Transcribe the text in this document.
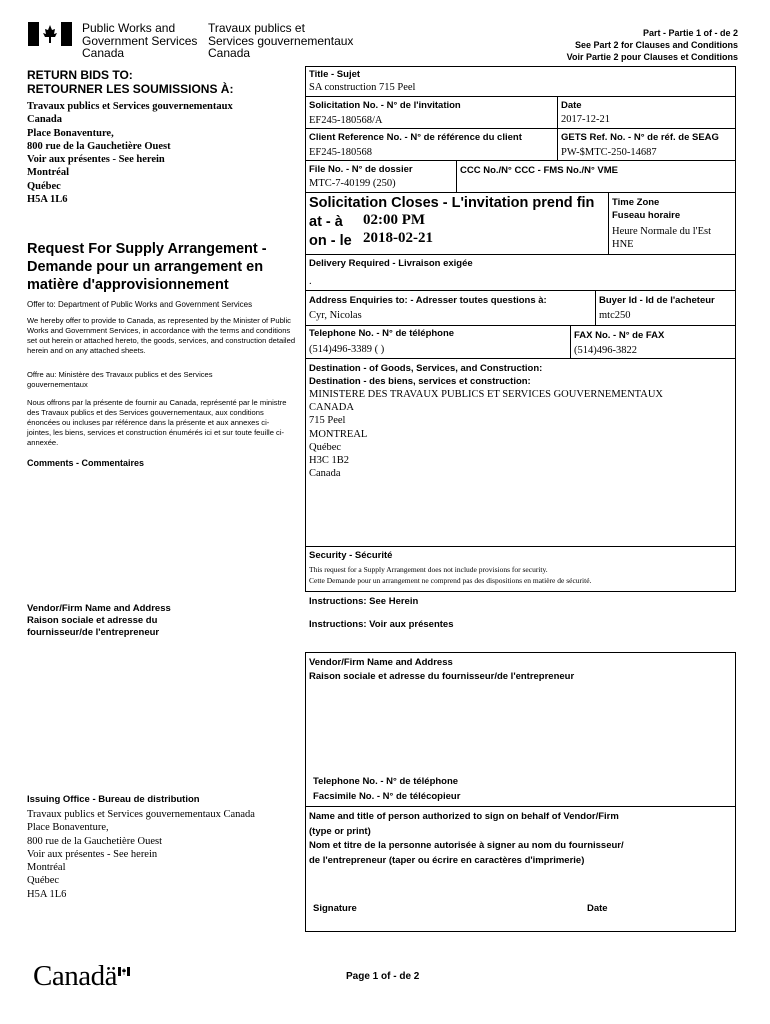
Public Works and
Government Services
Canada
Travaux publics et
Services gouvernementaux
Canada
Part - Partie 1 of - de 2
See Part 2 for Clauses and Conditions
Voir Partie 2 pour Clauses et Conditions
RETURN BIDS TO:
RETOURNER LES SOUMISSIONS À:
Travaux publics et Services gouvernementaux
Canada
Place Bonaventure,
800 rue de la Gauchetière Ouest
Voir aux présentes - See herein
Montréal
Québec
H5A 1L6
Request For Supply Arrangement -
Demande pour un arrangement en
matière d'approvisionnement
Offer to: Department of Public Works and Government Services
We hereby offer to provide to Canada, as represented by the Minister of Public Works and Government Services, in accordance with the terms and conditions set out herein or attached hereto, the goods, services, and construction detailed herein and on any attached sheets.
Offre au: Ministère des Travaux publics et des Services gouvernementaux
Nous offrons par la présente de fournir au Canada, représenté par le ministre des Travaux publics et des Services gouvernementaux, aux conditions énoncées ou incluses par référence dans la présente et aux annexes ci-jointes, les biens, services et construction énumérés ici et sur toute feuille ci-annexée.
Comments - Commentaires
Vendor/Firm Name and Address
Raison sociale et adresse du
fournisseur/de l'entrepreneur
Issuing Office - Bureau de distribution
Travaux publics et Services gouvernementaux Canada
Place Bonaventure,
800 rue de la Gauchetière Ouest
Voir aux présentes - See herein
Montréal
Québec
H5A 1L6
Title - Sujet
SA construction 715 Peel
Solicitation No. - N° de l'invitation
EF245-180568/A
Date
2017-12-21
Client Reference No. - N° de référence du client
EF245-180568
GETS Ref. No. - N° de réf. de SEAG
PW-$MTC-250-14687
File No. - N° de dossier
MTC-7-40199 (250)
CCC No./N° CCC - FMS No./N° VME
Solicitation Closes - L'invitation prend fin
at - à 02:00 PM
on - le 2018-02-21
Time Zone
Fuseau horaire
Heure Normale du l'Est
HNE
Delivery Required - Livraison exigée
.
Address Enquiries to: - Adresser toutes questions à:
Cyr, Nicolas
Buyer Id - Id de l'acheteur
mtc250
Telephone No. - N° de téléphone
(514)496-3389 ( )
FAX No. - N° de FAX
(514)496-3822
Destination - of Goods, Services, and Construction:
Destination - des biens, services et construction:
MINISTERE DES TRAVAUX PUBLICS ET SERVICES GOUVERNEMENTAUX
CANADA
715 Peel
MONTREAL
Québec
H3C 1B2
Canada
Security - Sécurité
This request for a Supply Arrangement does not include provisions for security.
Cette Demande pour un arrangement ne comprend pas des dispositions en matière de sécurité.
Instructions: See Herein
Instructions: Voir aux présentes
Vendor/Firm Name and Address
Raison sociale et adresse du fournisseur/de l'entrepreneur
Telephone No. - N° de téléphone
Facsimile No. - N° de télécopieur
Name and title of person authorized to sign on behalf of Vendor/Firm
(type or print)
Nom et titre de la personne autorisée à signer au nom du fournisseur/
de l'entrepreneur (taper ou écrire en caractères d'imprimerie)
Signature	Date
Canadä	Page 1 of - de 2
